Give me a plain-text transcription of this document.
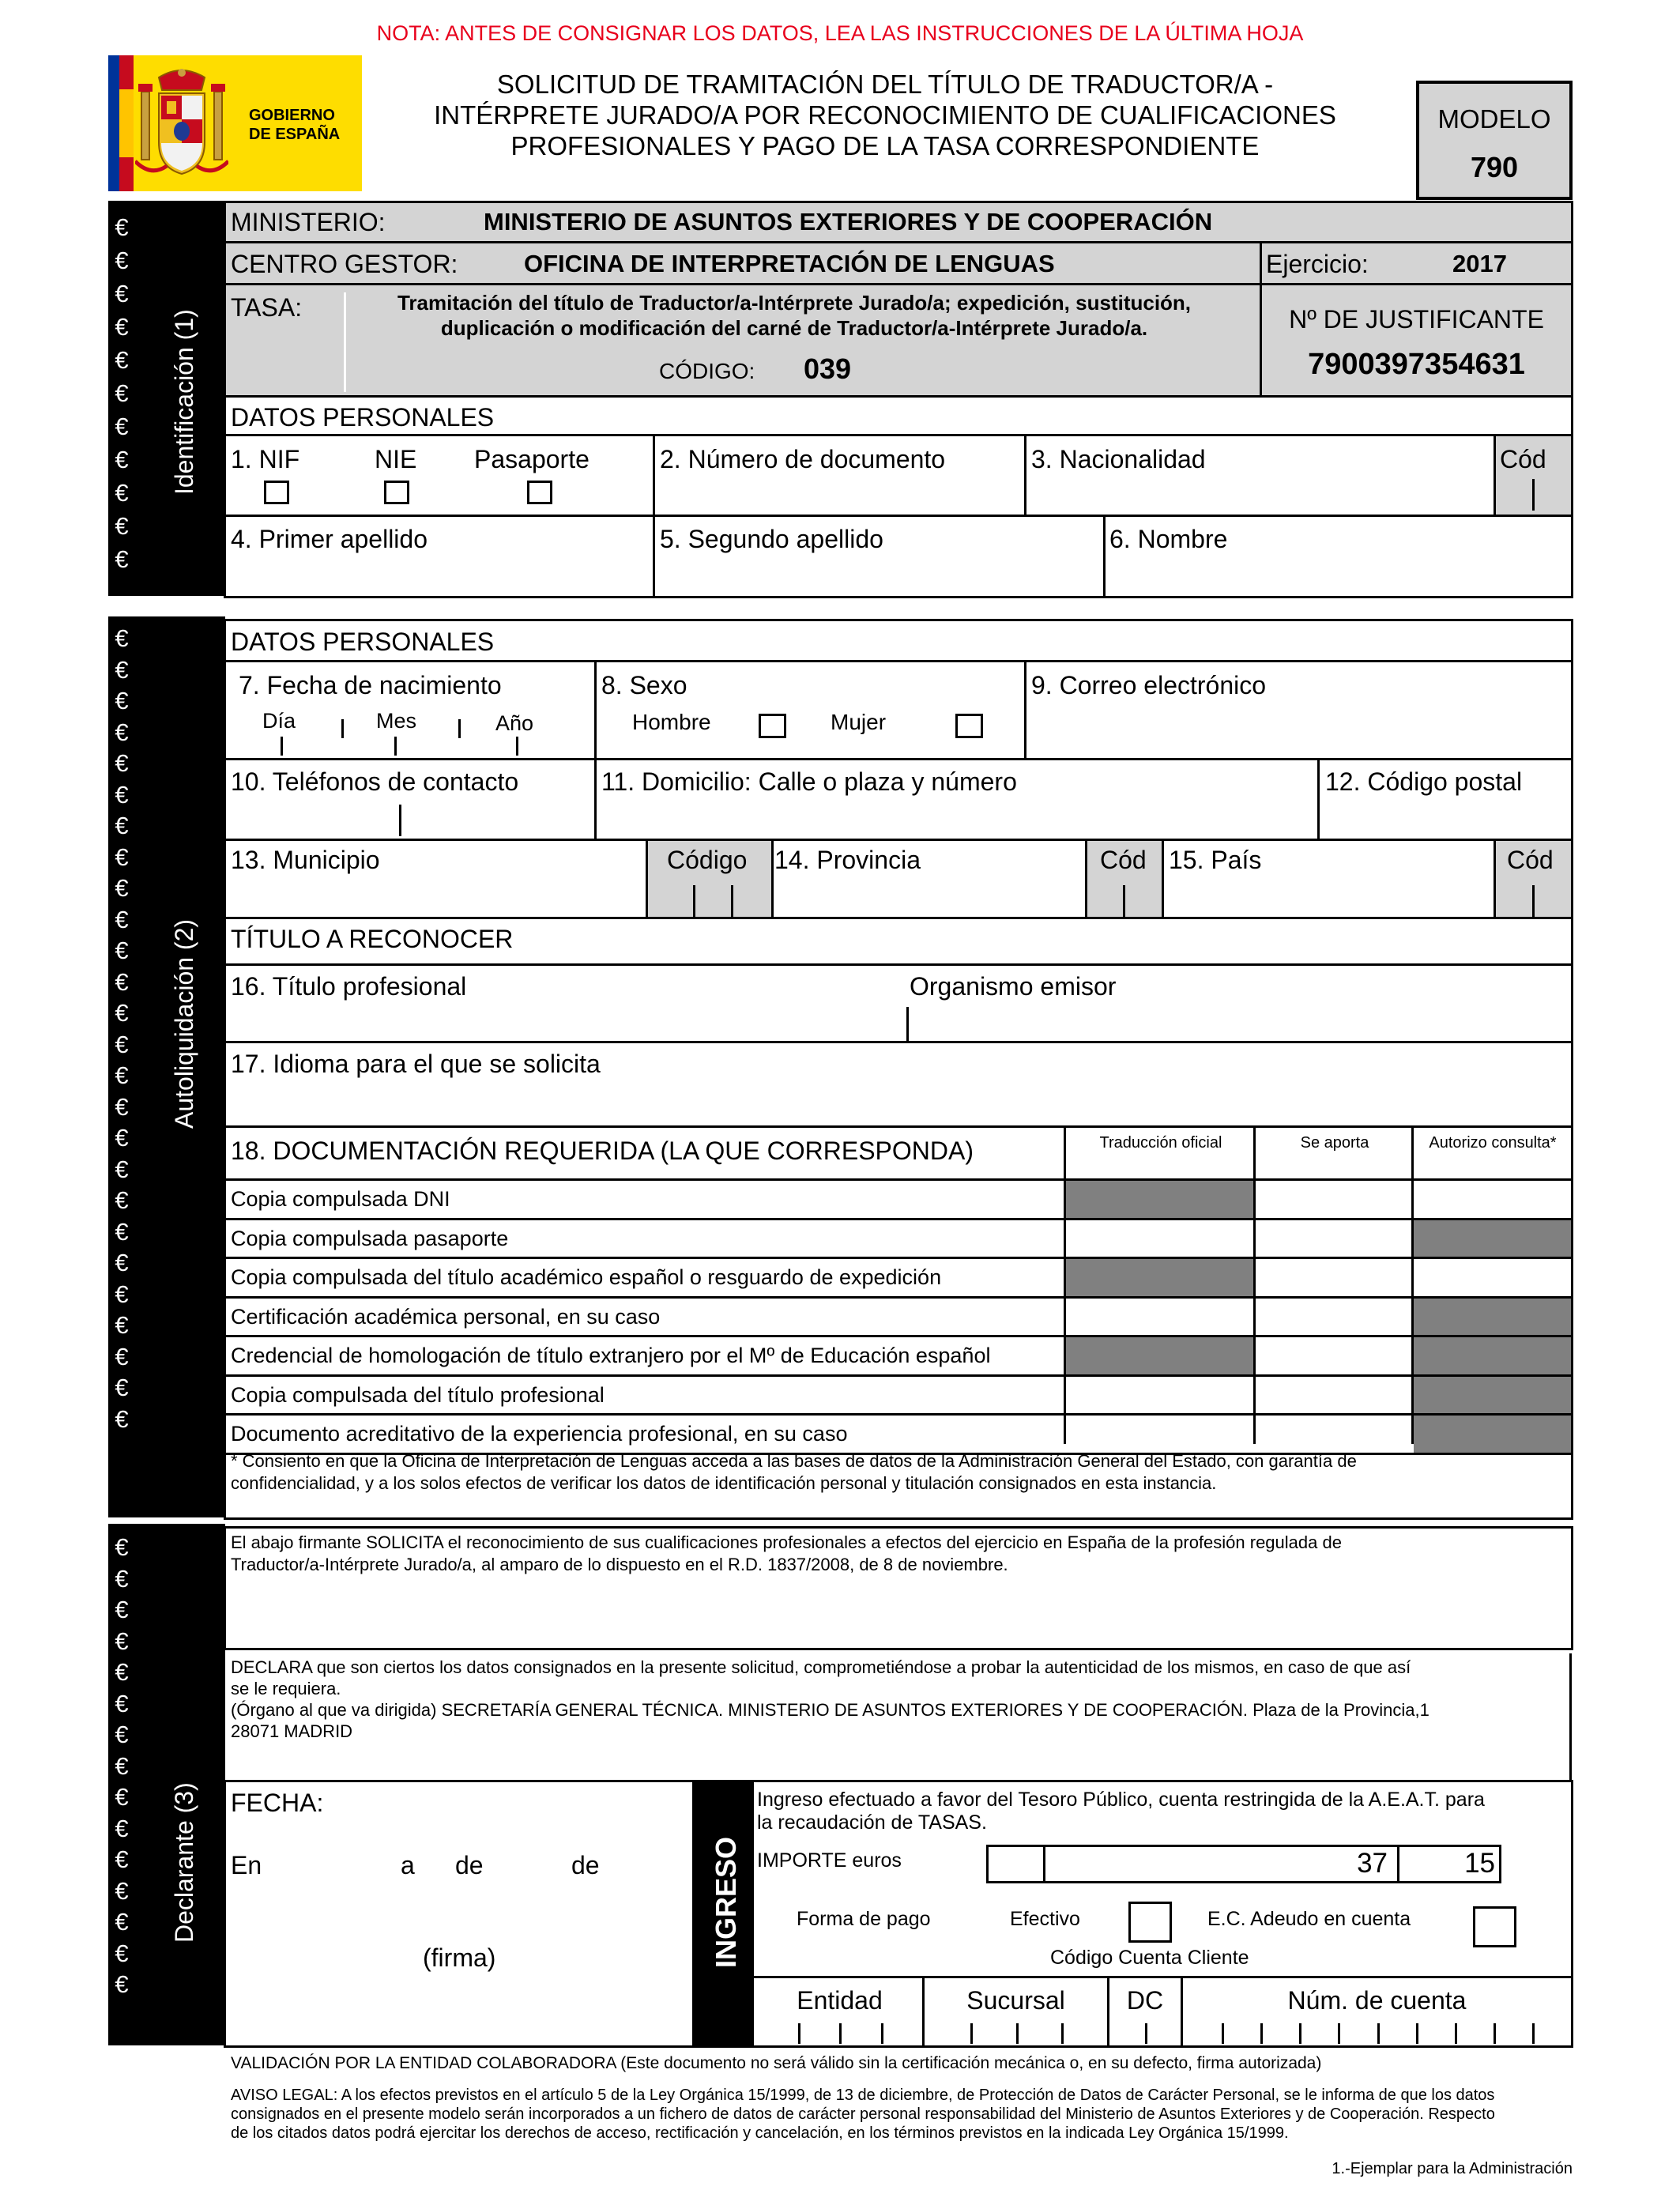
NOTA: ANTES DE CONSIGNAR LOS DATOS, LEA LAS INSTRUCCIONES DE LA ÚLTIMA HOJA
GOBIERNO
DE ESPAÑA
SOLICITUD DE TRAMITACIÓN DEL TÍTULO DE TRADUCTOR/A -
INTÉRPRETE JURADO/A POR RECONOCIMIENTO DE CUALIFICACIONES
PROFESIONALES Y PAGO DE LA TASA CORRESPONDIENTE
MODELO
790
€
€
€
€
€
€
€
€
€
€
€
Identificación (1)
€
€
€
€
€
€
€
€
€
€
€
€
€
€
€
€
€
€
€
€
€
€
€
€
€
€
Autoliquidación (2)
€
€
€
€
€
€
€
€
€
€
€
€
€
€
€
Declarante (3)
MINISTERIO:	MINISTERIO DE ASUNTOS EXTERIORES Y DE COOPERACIÓN
CENTRO GESTOR:	OFICINA DE INTERPRETACIÓN DE LENGUAS	Ejercicio:	2017
TASA:	Tramitación del título de Traductor/a-Intérprete Jurado/a; expedición, sustitución,
duplicación o modificación del carné de Traductor/a-Intérprete Jurado/a.
CÓDIGO: 039
Nº DE JUSTIFICANTE
7900397354631
DATOS PERSONALES
1. NIF	NIE Pasaporte	2. Número de documento	3. Nacionalidad	Cód
4. Primer apellido	5. Segundo apellido	6. Nombre
DATOS PERSONALES
7. Fecha de nacimiento
Día	Mes	Año
8. Sexo
Hombre	Mujer
9. Correo electrónico
10. Teléfonos de contacto	11. Domicilio: Calle o plaza y número	12. Código postal
13. Municipio	Código 14. Provincia	Cód 15. País	Cód
TÍTULO A RECONOCER
16. Título profesional	Organismo emisor
17. Idioma para el que se solicita
18. DOCUMENTACIÓN REQUERIDA (LA QUE CORRESPONDA)	Traducción oficial	Se aporta	Autorizo consulta*
Copia compulsada DNI
Copia compulsada pasaporte
Copia compulsada del título académico español o resguardo de expedición
Certificación académica personal, en su caso
Credencial de homologación de título extranjero por el Mº de Educación español
Copia compulsada del título profesional
Documento acreditativo de la experiencia profesional, en su caso
* Consiento en que la Oficina de Interpretación de Lenguas acceda a las bases de datos de la Administración General del Estado, con garantía de
confidencialidad, y a los solos efectos de verificar los datos de identificación personal y titulación consignados en esta instancia.
El abajo firmante SOLICITA el reconocimiento de sus cualificaciones profesionales a efectos del ejercicio en España de la profesión regulada de
Traductor/a-Intérprete Jurado/a, al amparo de lo dispuesto en el R.D. 1837/2008, de 8 de noviembre.
DECLARA que son ciertos los datos consignados en la presente solicitud, comprometiéndose a probar la autenticidad de los mismos, en caso de que así
se le requiera.
(Órgano al que va dirigida) SECRETARÍA GENERAL TÉCNICA. MINISTERIO DE ASUNTOS EXTERIORES Y DE COOPERACIÓN. Plaza de la Provincia,1
28071 MADRID
FECHA:
En	a de	de
(firma)	INGRESO
Ingreso efectuado a favor del Tesoro Público, cuenta restringida de la A.E.A.T. para
la recaudación de TASAS.
IMPORTE euros	37	15
Forma de pago	Efectivo	E.C. Adeudo en cuenta
Código Cuenta Cliente
Entidad	Sucursal	DC	Núm. de cuenta
VALIDACIÓN POR LA ENTIDAD COLABORADORA (Este documento no será válido sin la certificación mecánica o, en su defecto, firma autorizada)
AVISO LEGAL: A los efectos previstos en el artículo 5 de la Ley Orgánica 15/1999, de 13 de diciembre, de Protección de Datos de Carácter Personal, se le informa de que los datos
consignados en el presente modelo serán incorporados a un fichero de datos de carácter personal responsabilidad del Ministerio de Asuntos Exteriores y de Cooperación. Respecto
de los citados datos podrá ejercitar los derechos de acceso, rectificación y cancelación, en los términos previstos en la indicada Ley Orgánica 15/1999.
1.-Ejemplar para la Administración
